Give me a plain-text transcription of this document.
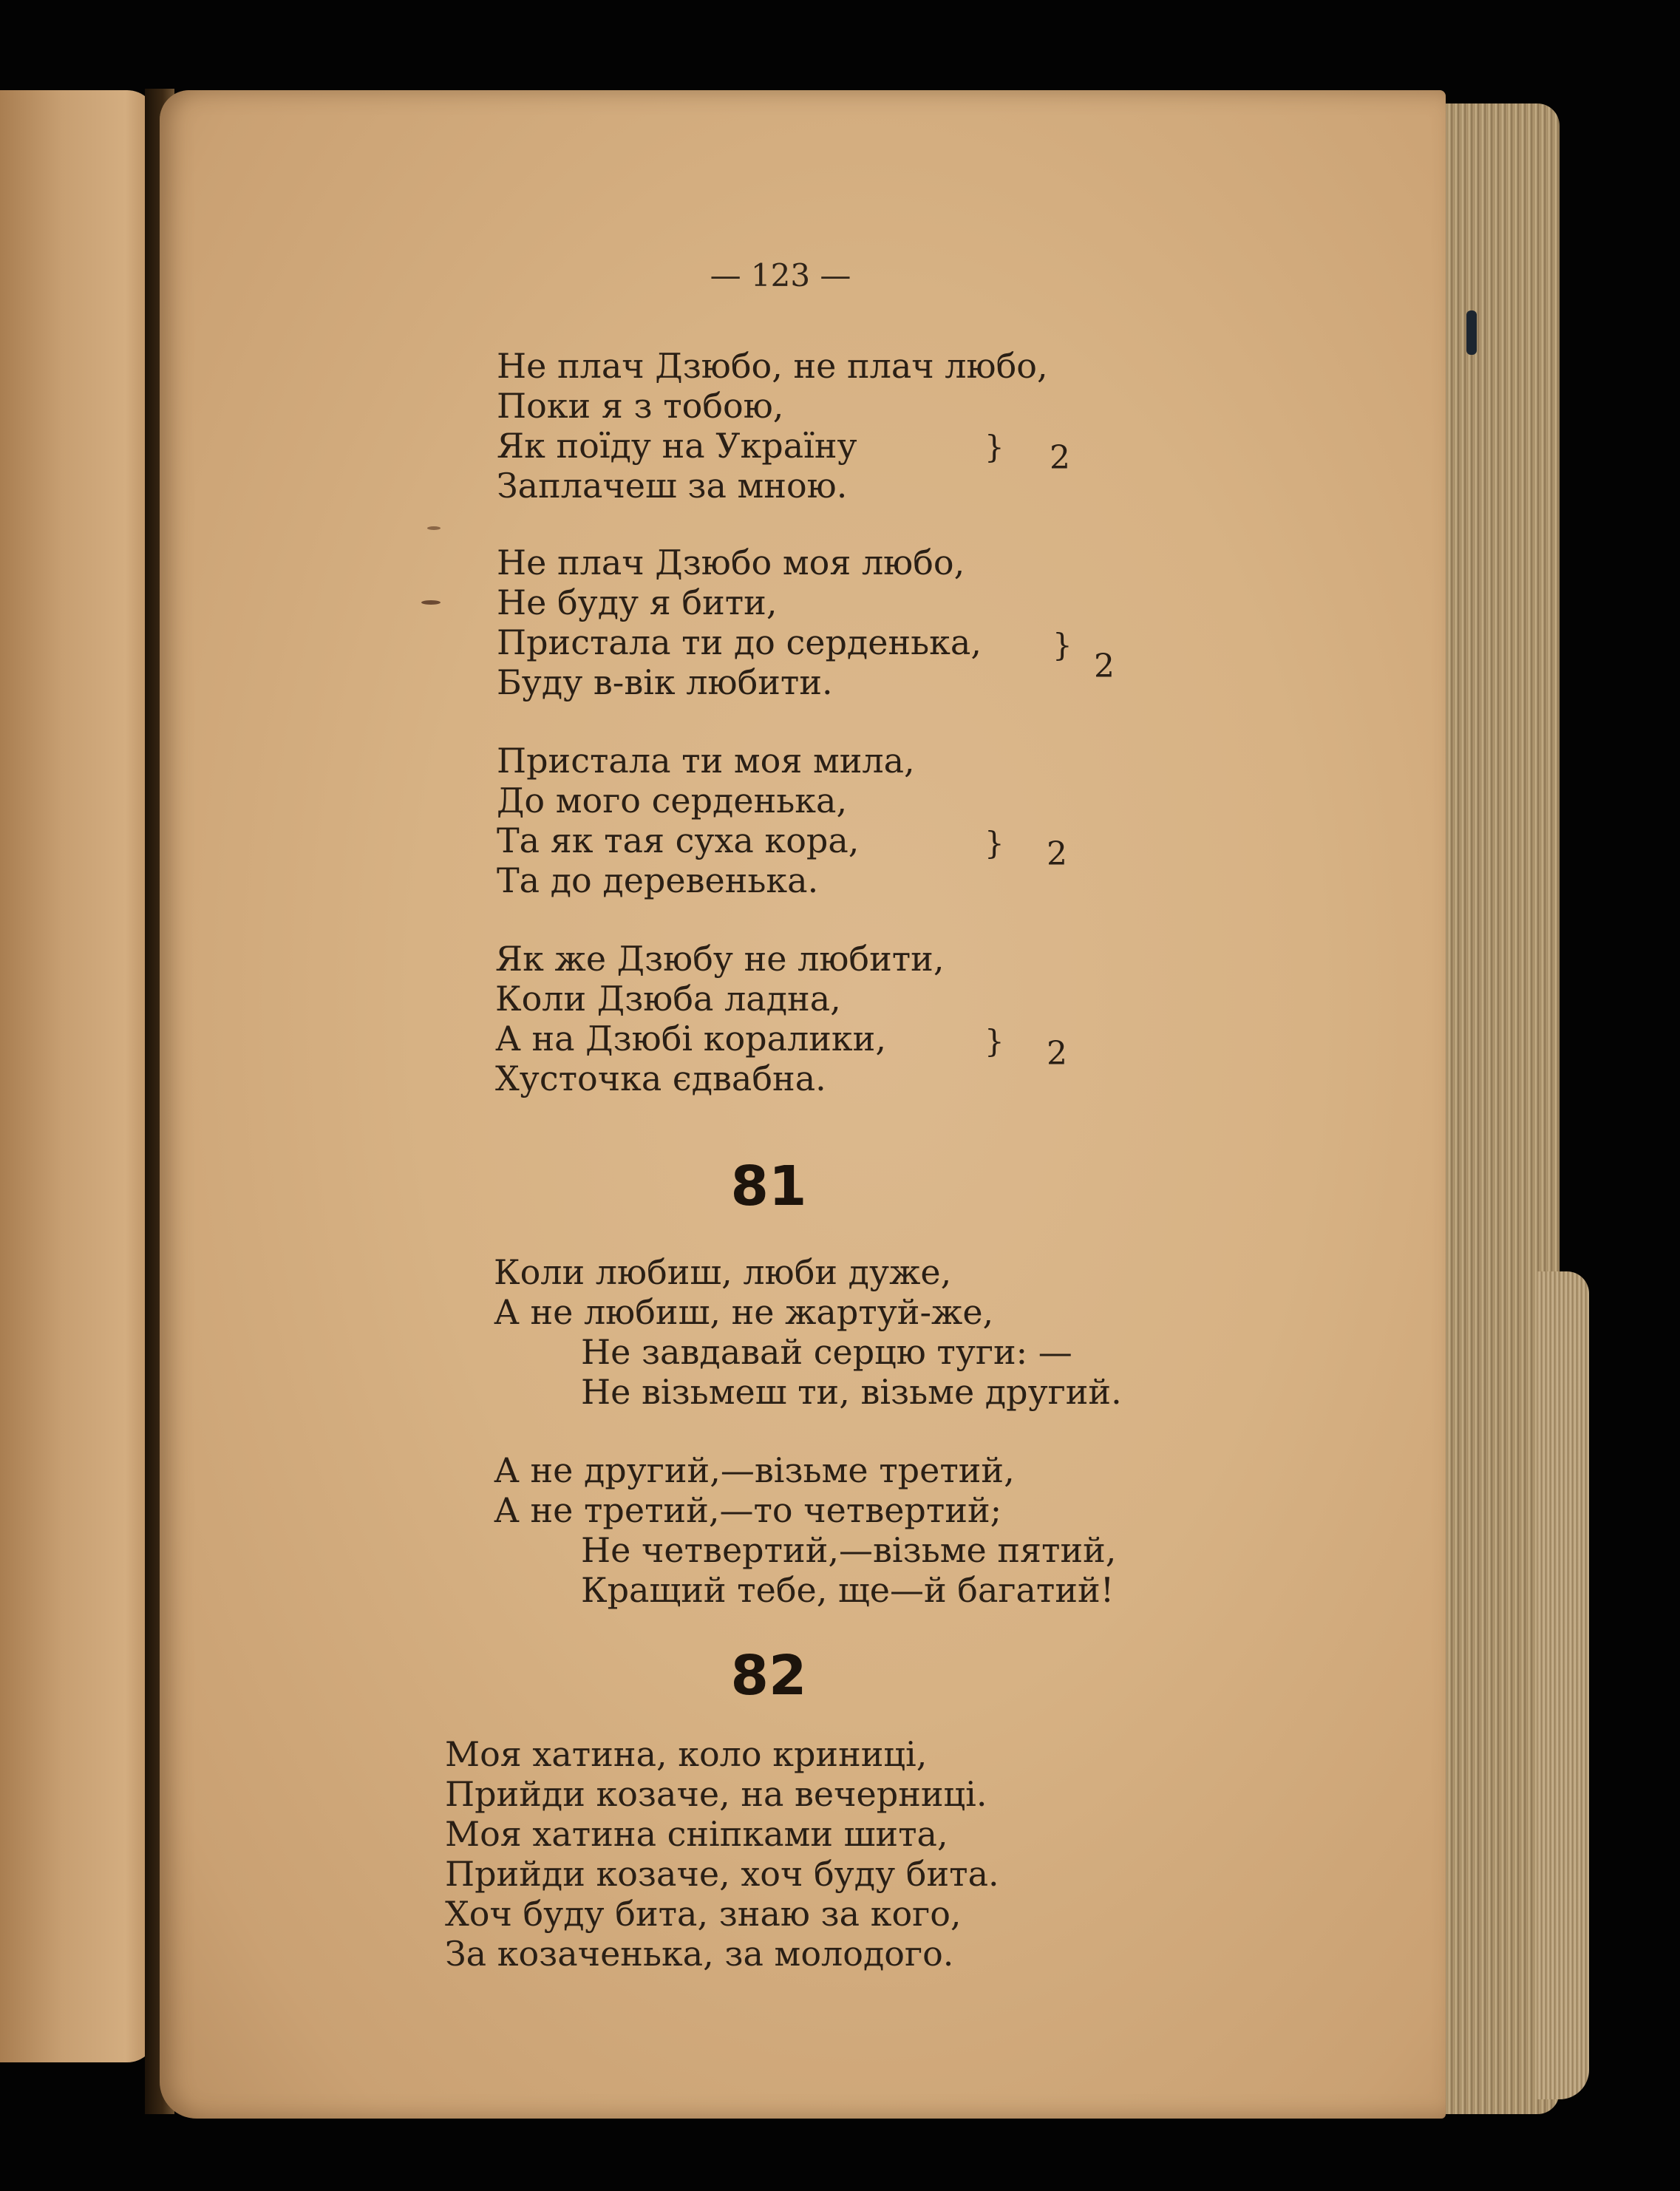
— 123 —
Не плач Дзюбо, не плач любо,
Поки я з тобою,
Як поїду на Україну
Заплачеш за мною.
} 2
Не плач Дзюбо моя любо,
Не буду я бити,
Пристала ти до серденька,
Буду в-вік любити.
}
2
Пристала ти моя мила,
До мого серденька,
Та як тая суха кора,
Та до деревенька.
} 2
Як же Дзюбу не любити,
Коли Дзюба ладна,
А на Дзюбі коралики,
Хусточка єдвабна.
} 2
81
Коли любиш, люби дуже,
А не любиш, не жартуй-же,
Не завдавай серцю туги: —
Не візьмеш ти, візьме другий.
А не другий,—візьме третий,
А не третий,—то четвертий;
Не четвертий,—візьме пятий,
Кращий тебе, ще—й багатий!
82
Моя хатина, коло криниці,
Прийди козаче, на вечерниці.
Моя хатина сніпками шита,
Прийди козаче, хоч буду бита.
Хоч буду бита, знаю за кого,
За козаченька, за молодого.
